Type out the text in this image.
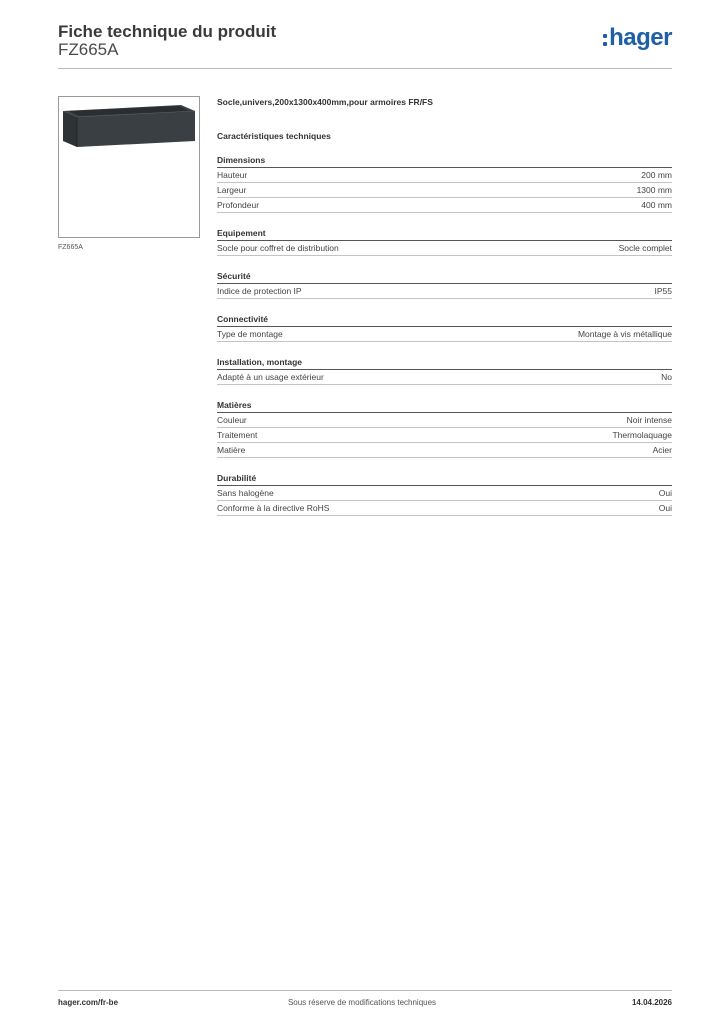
Fiche technique du produit
FZ665A	hager
FZ665A
Socle,univers,200x1300x400mm,pour armoires FR/FS
Caractéristiques techniques
Dimensions
Hauteur	200 mm
Largeur	1300 mm
Profondeur	400 mm
Equipement
Socle pour coffret de distribution	Socle complet
Sécurité
Indice de protection IP	IP55
Connectivité
Type de montage	Montage à vis métallique
Installation, montage
Adapté à un usage extérieur	No
Matières
Couleur	Noir intense
Traitement	Thermolaquage
Matière	Acier
Durabilité
Sans halogène	Oui
Conforme à la directive RoHS	Oui
hager.com/fr-be	Sous réserve de modifications techniques	14.04.2026
